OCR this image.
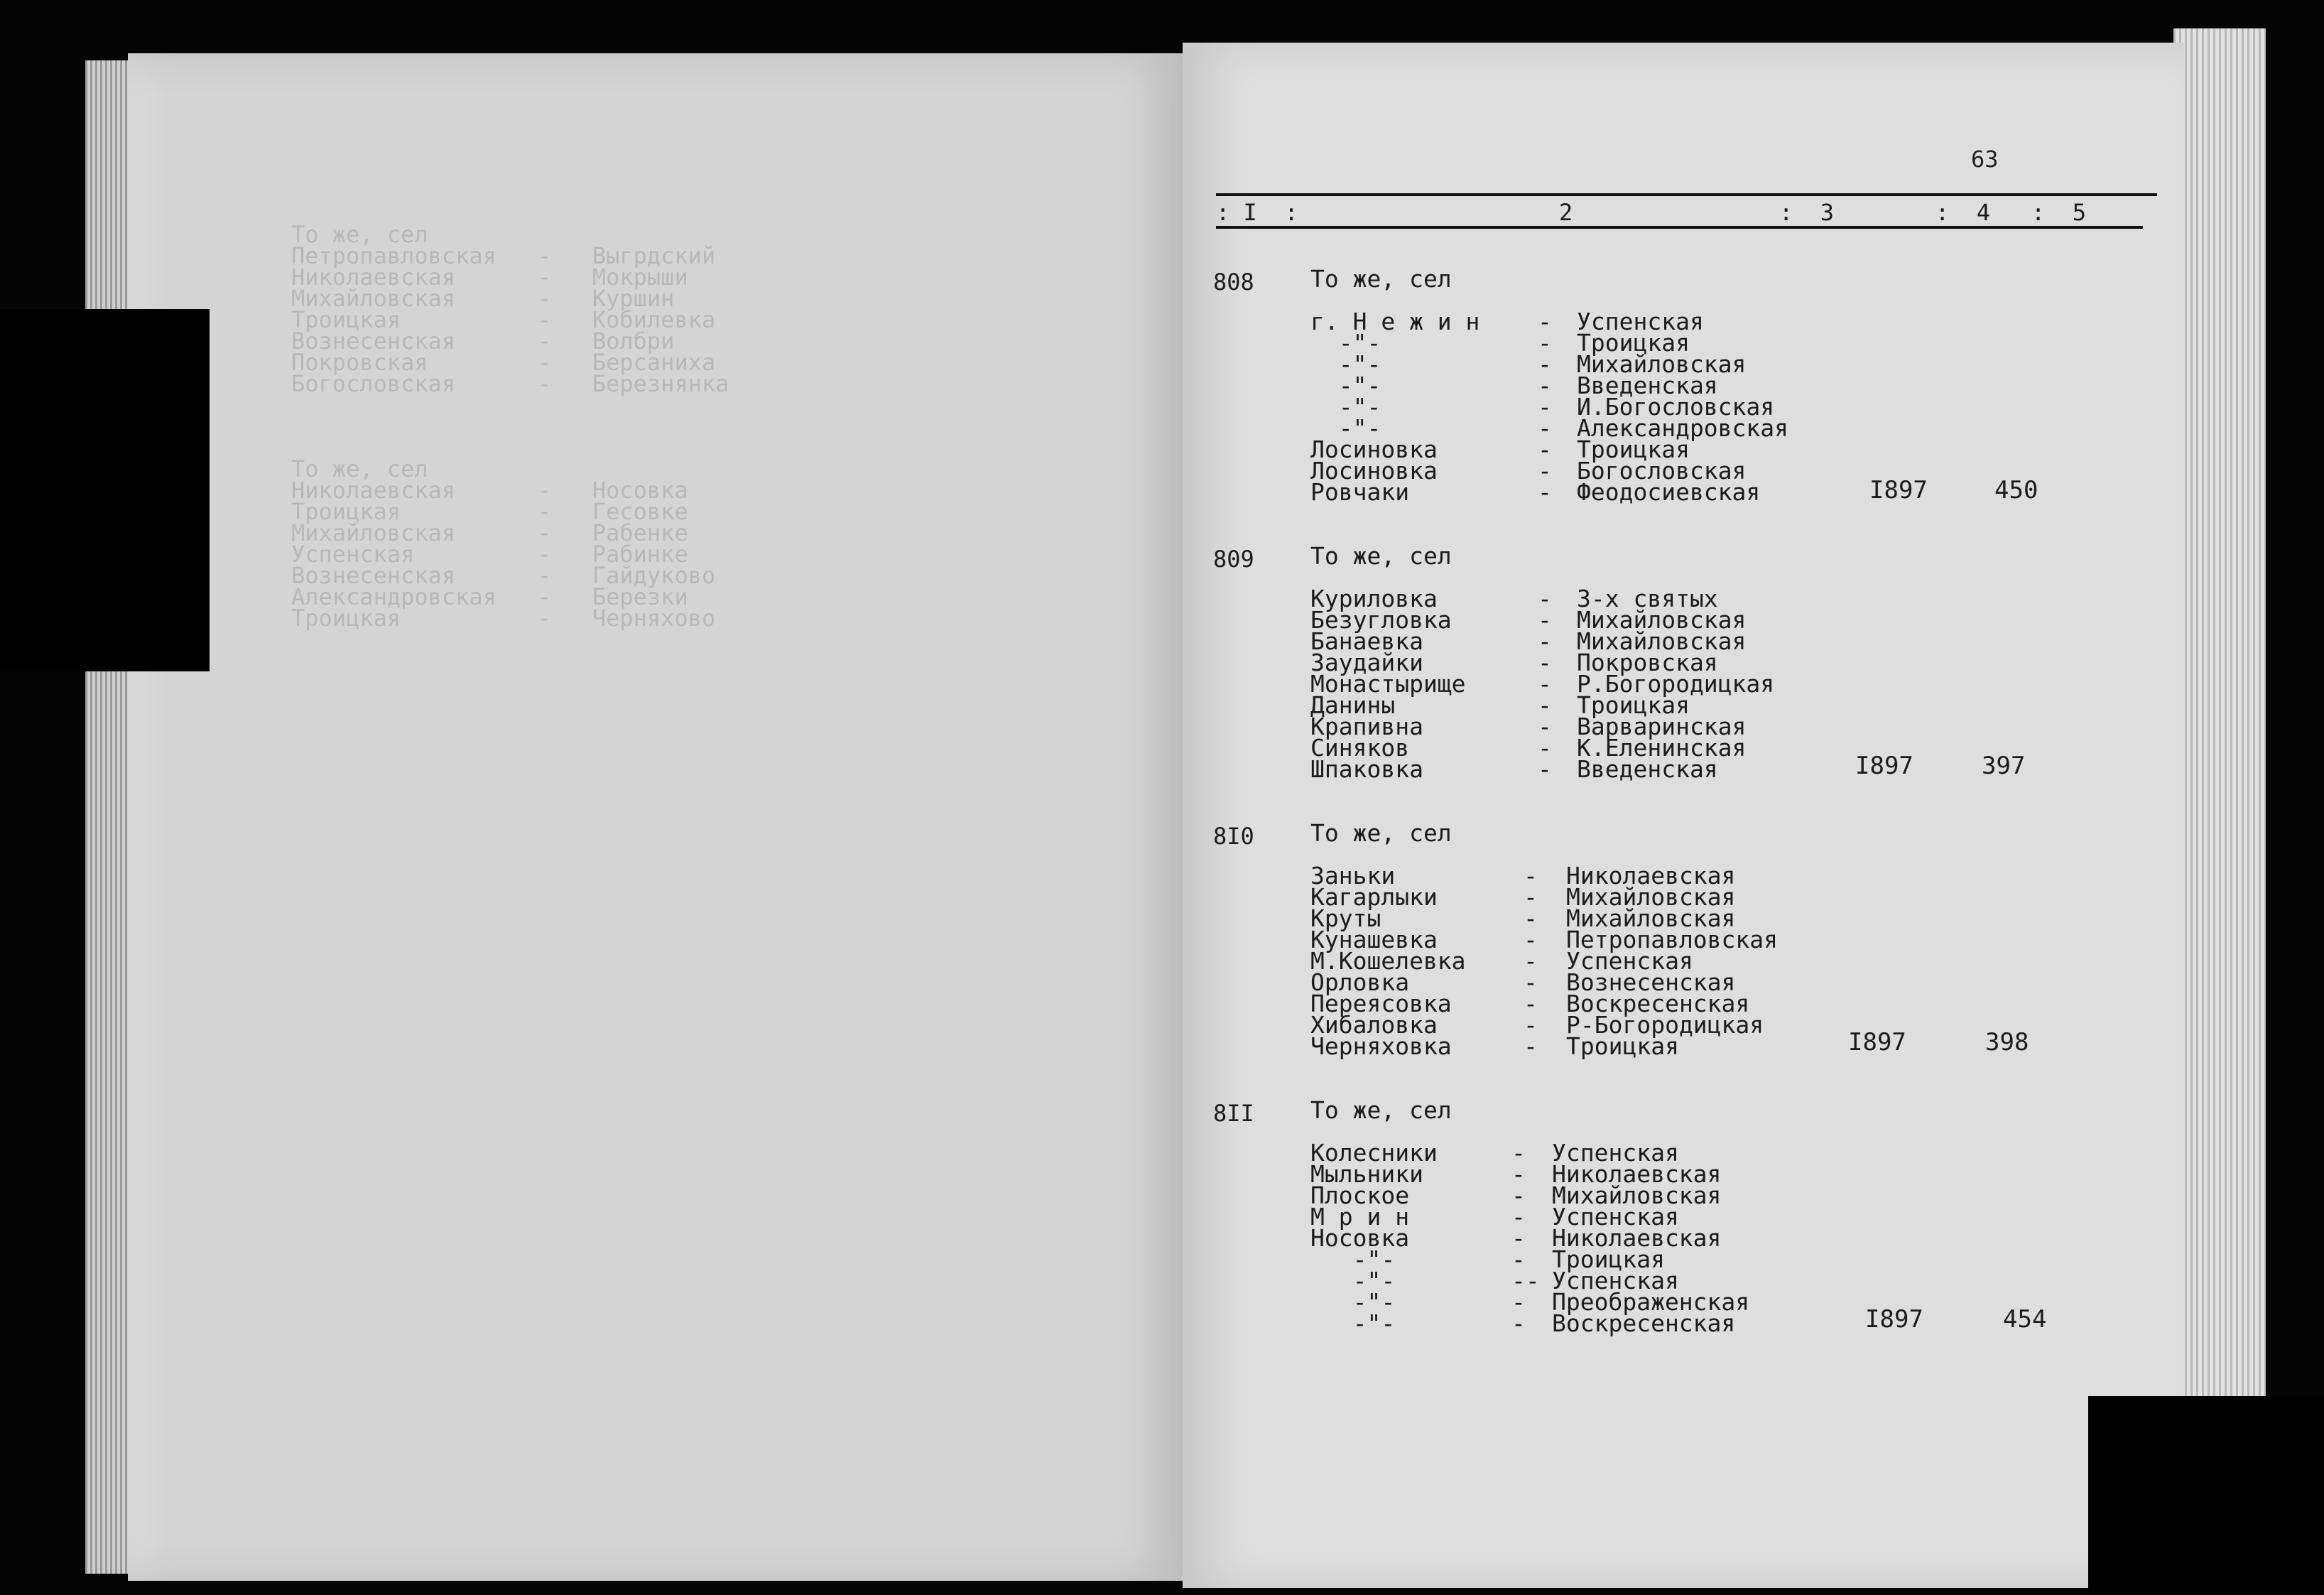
То же, сел
Петропавловская   -   Выгрдский
Николаевская      -   Мокрыши
Михайловская      -   Куршин
Троицкая          -   Кобилевка
Вознесенская      -   Волбри
Покровская        -   Берсаниха
Богословская      -   Березнянка

То же, сел
Николаевская      -   Носовка
Троицкая          -   Гесовке
Михайловская      -   Рабенке
Успенская         -   Рабинке
Вознесенская      -   Гайдуково
Александровская   -   Березки
Троицкая          -   Черняхово
63
: I  :	2	:  3	:  4 :  5
808 То же, сел
г. Н е ж и н - Успенская
-"-	- Троицкая
-"-	- Михайловская
-"-	- Введенская
-"-	- И.Богословская
-"-	- Александровская
Лосиновка	- Троицкая
Лосиновка	- Богословская
Ровчаки	- Феодосиевская	I897	450
809 То же, сел
Куриловка	- 3-х святых
Безугловка	- Михайловская
Банаевка	- Михайловская
Заудайки	- Покровская
Монастырище	- Р.Богородицкая
Данины	- Троицкая
Крапивна	- Варваринская
Синяков	- К.Еленинская
Шпаковка	- Введенская	I897	397
8I0 То же, сел
Заньки	- Николаевская
Кагарлыки	- Михайловская
Круты	- Михайловская
Кунашевка	- Петропавловская
М.Кошелевка - Успенская
Орловка	- Вознесенская
Переясовка	- Воскресенская
Хибаловка	- Р-Богородицкая
Черняховка	- Троицкая	I897	398
8II То же, сел
Колесники	- Успенская
Мыльники	- Николаевская
Плоское	- Михайловская
М р и н	- Успенская
Носовка	- Николаевская
-"-	- Троицкая
-"-	-- Успенская
-"-	- Преображенская
-"-	- Воскресенская	I897	454
